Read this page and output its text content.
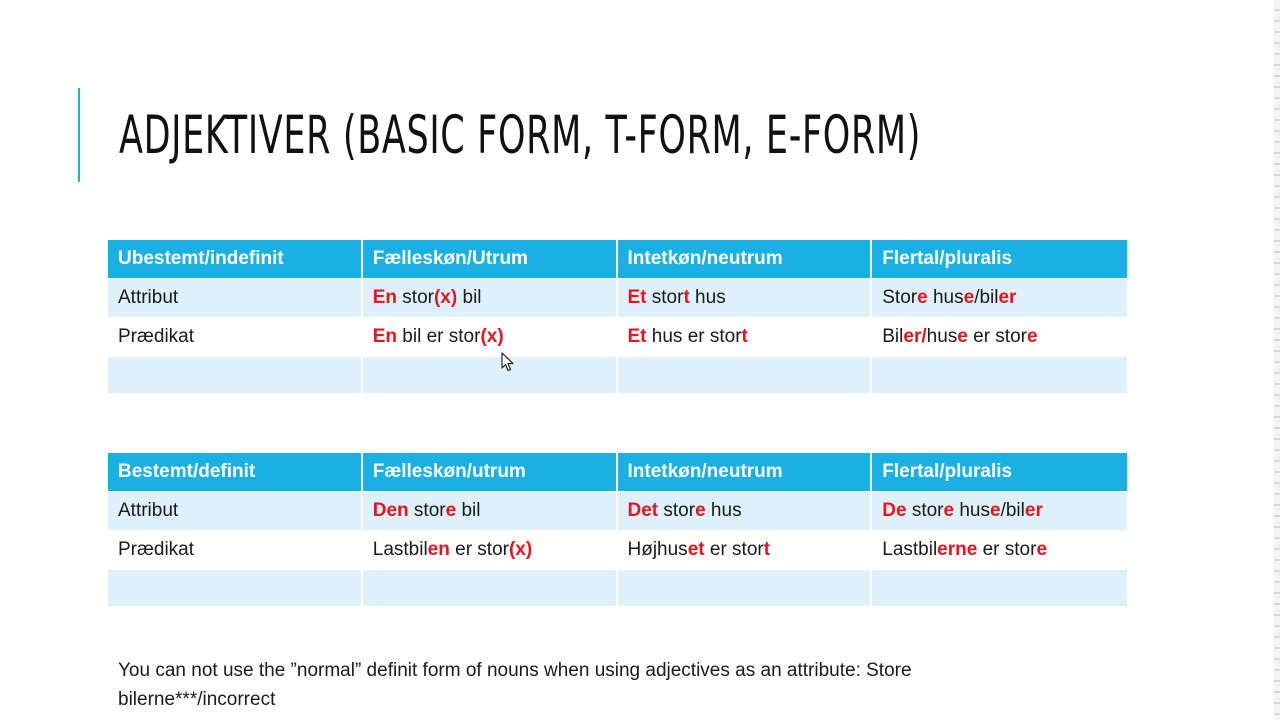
ADJEKTIVER (BASIC FORM, T-FORM, E-FORM)
Ubestemt/indefinit	Fælleskøn/Utrum	Intetkøn/neutrum	Flertal/pluralis
Attribut	En stor(x) bil	Et stort hus	Store huse/biler
Prædikat	En bil er stor(x)	Et hus er stort	Biler/huse er store

Bestemt/definit	Fælleskøn/utrum	Intetkøn/neutrum	Flertal/pluralis
Attribut	Den store bil	Det store hus	De store huse/biler
Prædikat	Lastbilen er stor(x)	Højhuset er stort	Lastbilerne er store

You can not use the ”normal” definit form of nouns when using adjectives as an attribute: Store bilerne***/incorrect
